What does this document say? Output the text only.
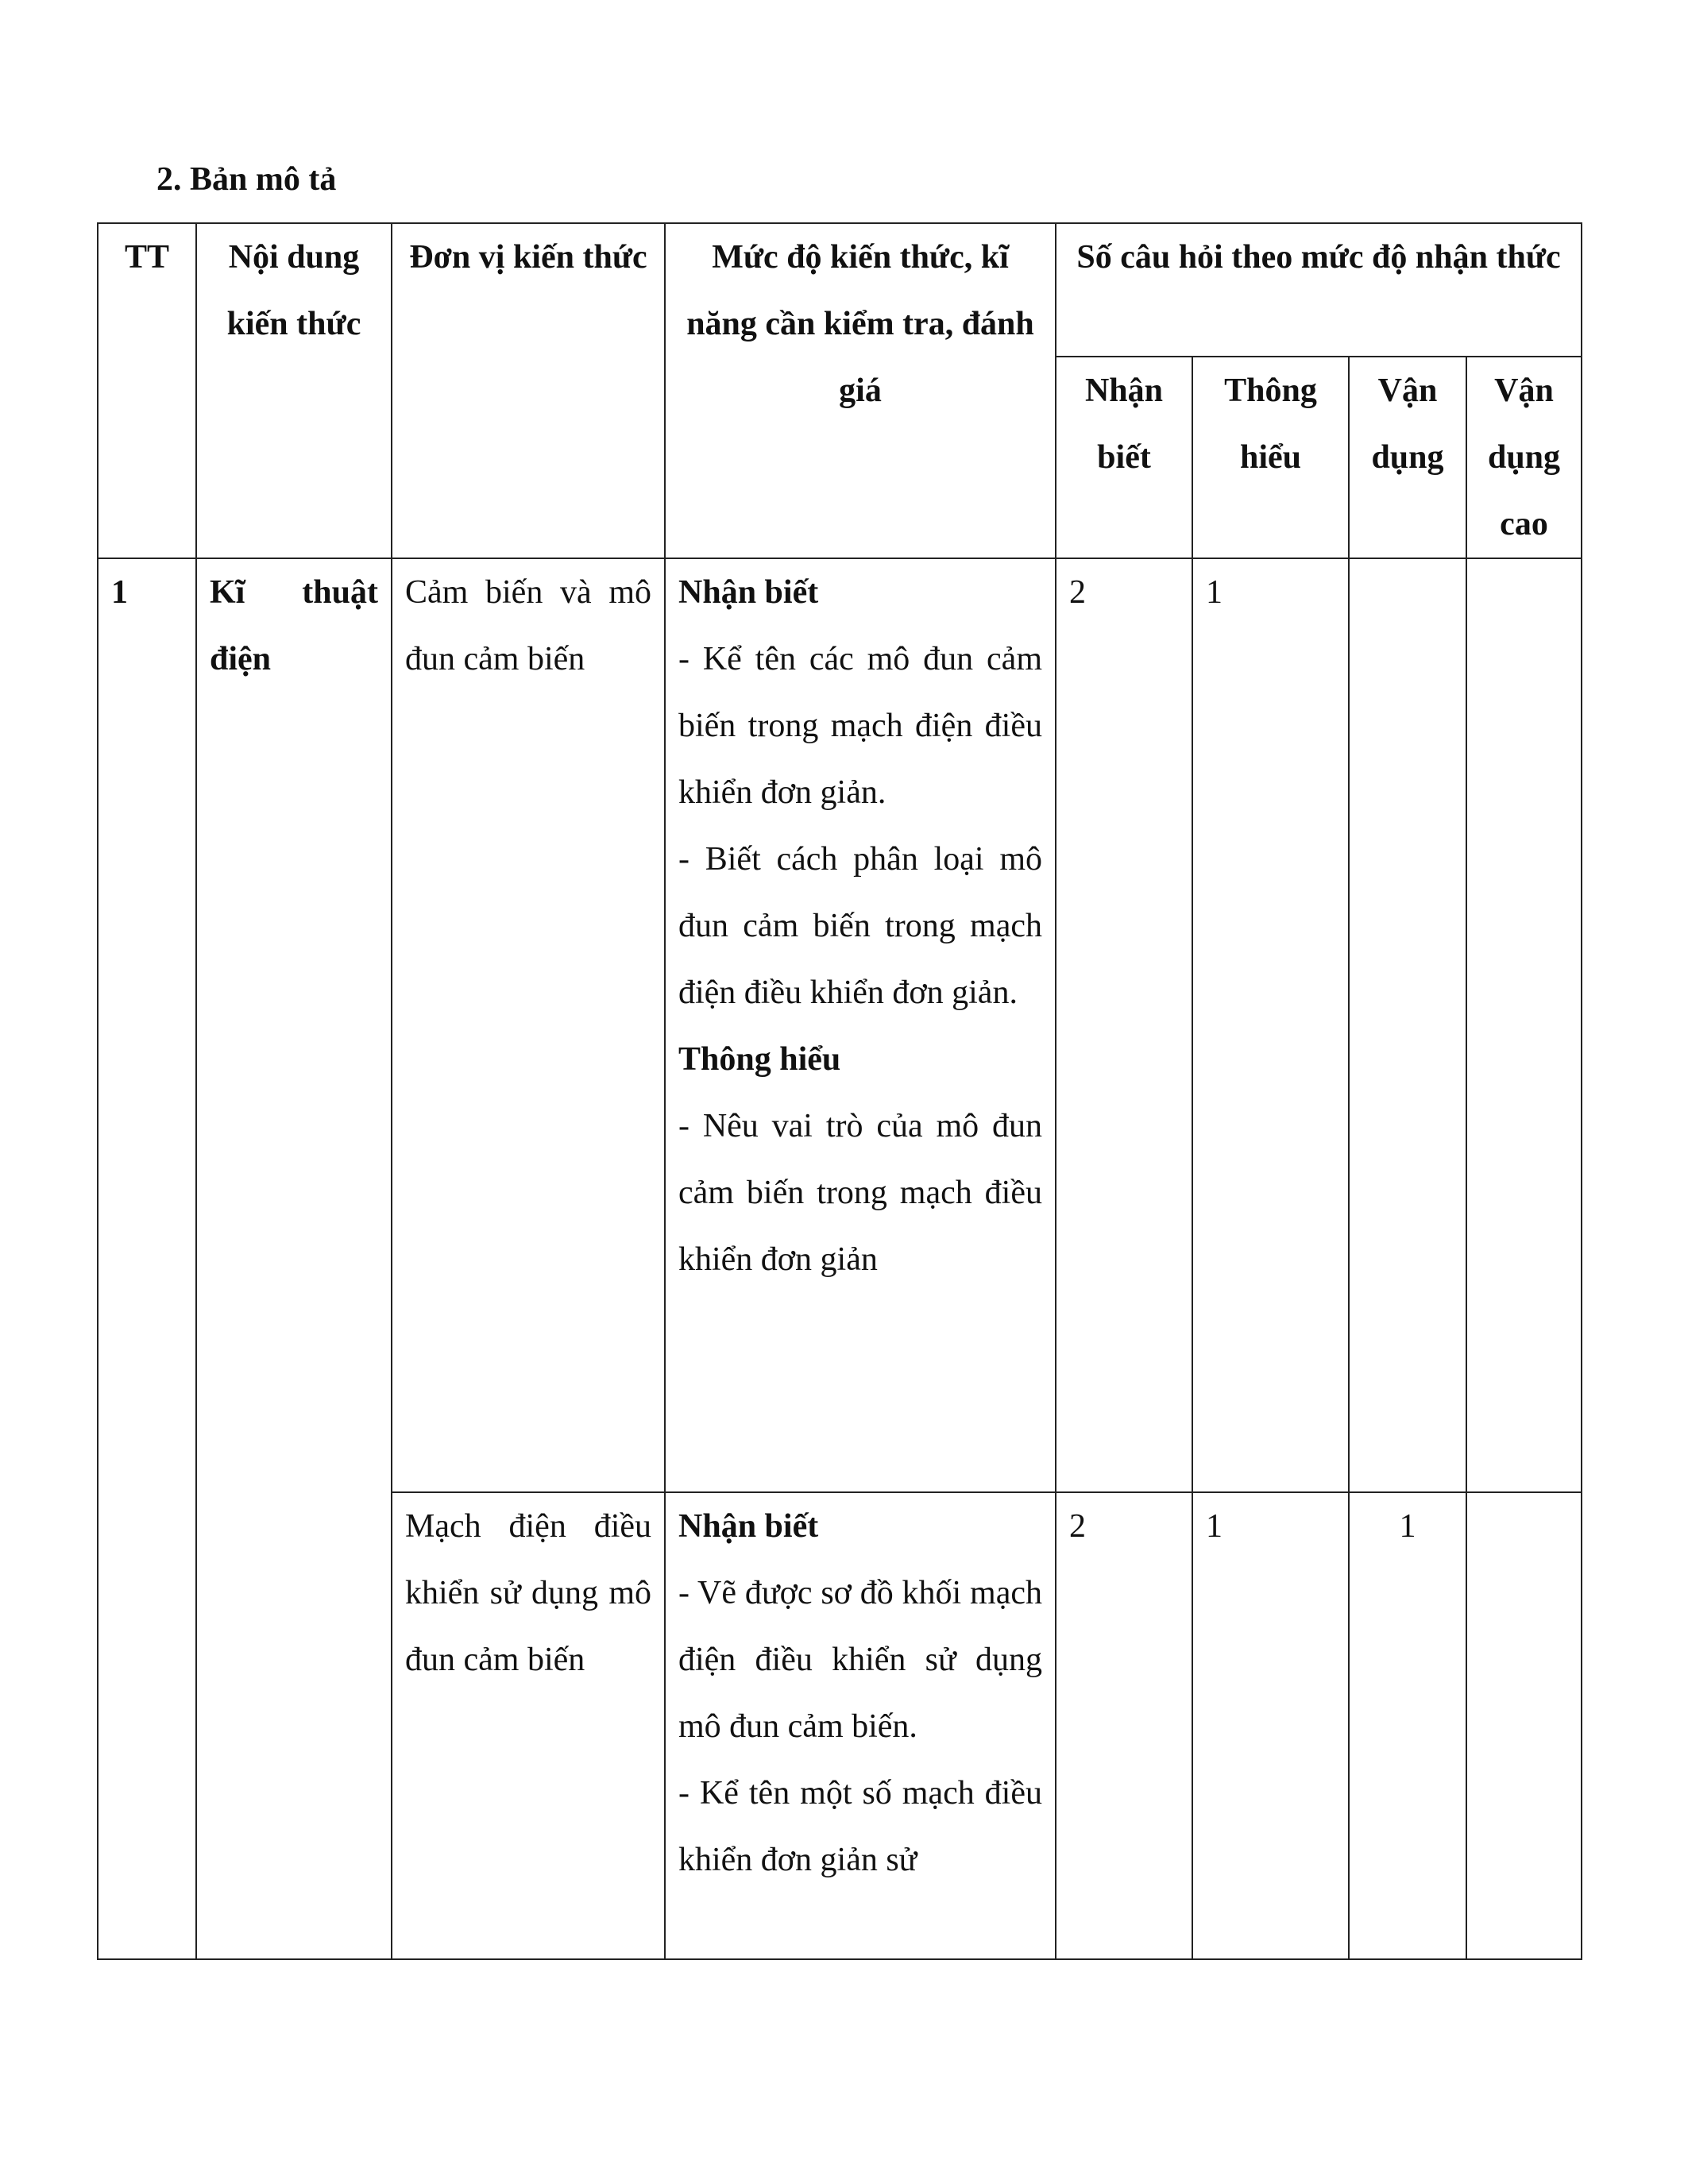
2. Bản mô tả
TT	Nội dung kiến thức	Đơn vị kiến thức	Mức độ kiến thức, kĩ năng cần kiểm tra, đánh giá	Số câu hỏi theo mức độ nhận thức			
				Nhận biết	Thông hiểu	Vận dụng	Vận dụng cao
1	Kĩ thuật điện	Cảm biến và mô đun cảm biến	Nhận biết
- Kể tên các mô đun cảm biến trong mạch điện điều khiển đơn giản.
- Biết cách phân loại mô đun cảm biến trong mạch điện điều khiển đơn giản.
Thông hiểu
- Nêu vai trò của mô đun cảm biến trong mạch điều khiển đơn giản	2	1		
		Mạch điện điều khiển sử dụng mô đun cảm biến	Nhận biết
- Vẽ được sơ đồ khối mạch điện điều khiển sử dụng mô đun cảm biến.
- Kể tên một số mạch điều khiển đơn giản sử	2	1	1	
